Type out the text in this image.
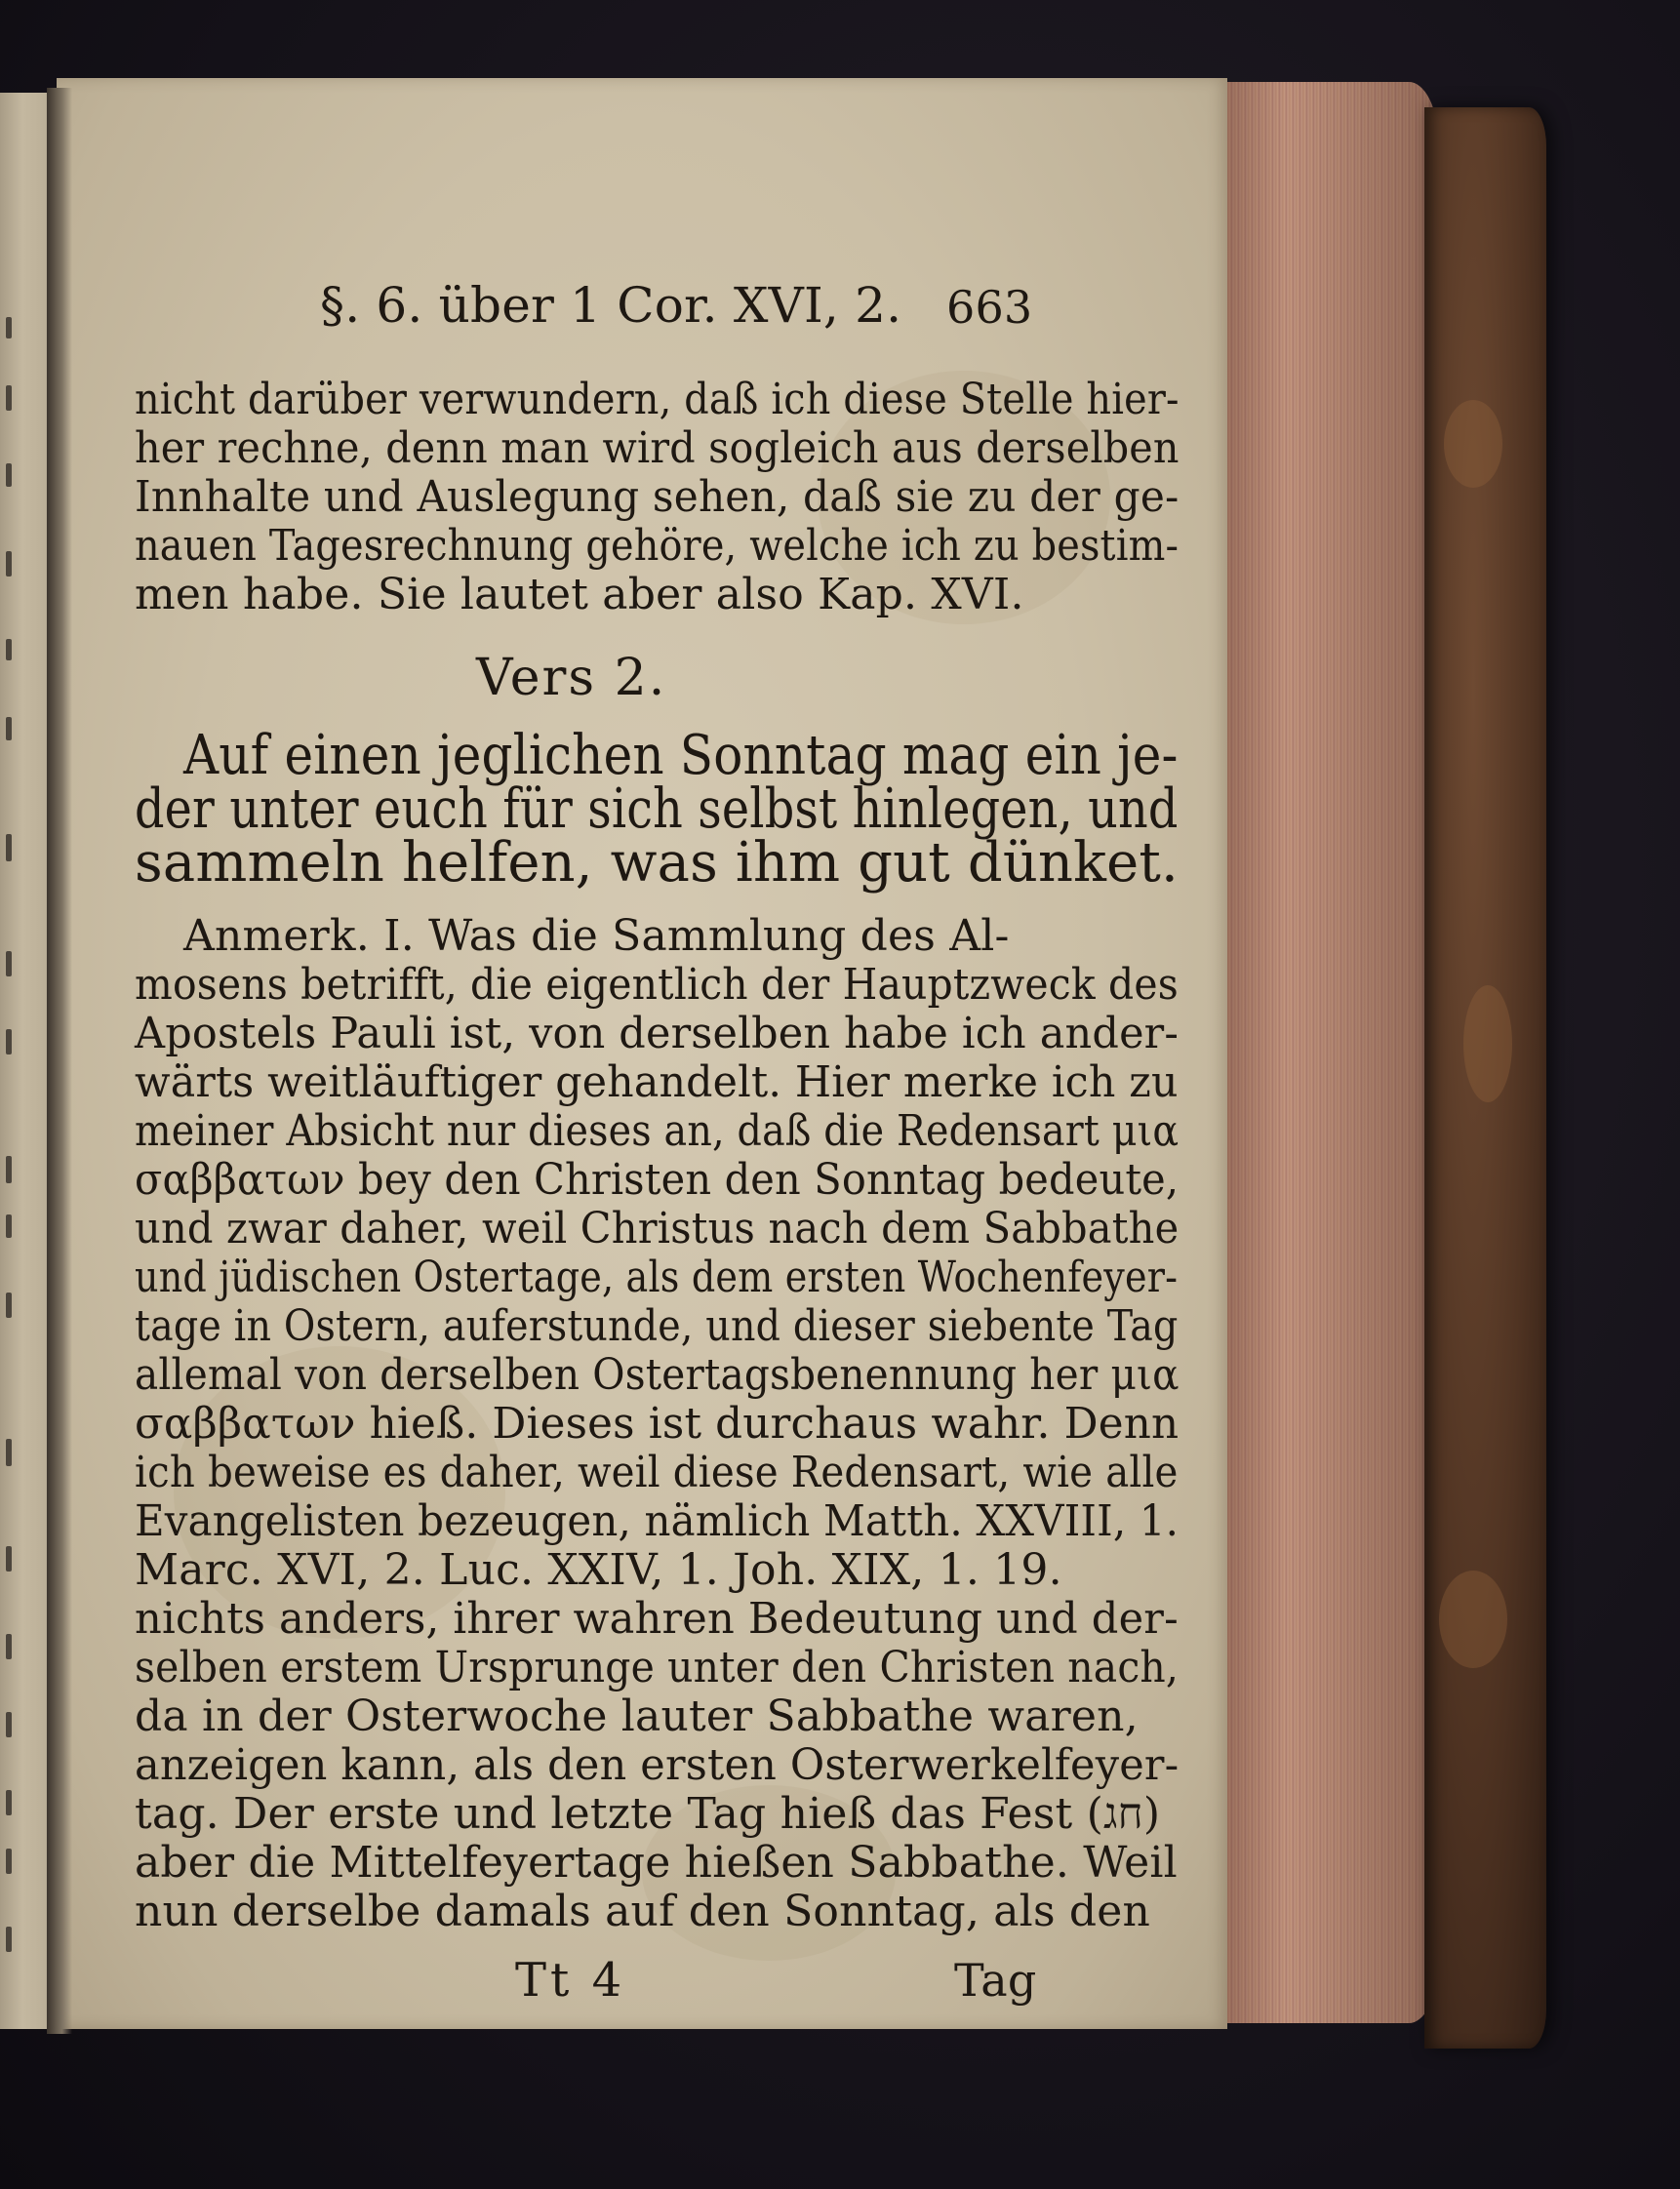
§. 6. über 1 Cor. XVI, 2. 663
nicht darüber verwundern, daß ich diese Stelle hier-
her rechne, denn man wird sogleich aus derselben
Innhalte und Auslegung sehen, daß sie zu der ge-
nauen Tagesrechnung gehöre, welche ich zu bestim-
men habe. Sie lautet aber also Kap. XVI.
Vers 2.
Auf einen jeglichen Sonntag mag ein je-
der unter euch für sich selbst hinlegen, und
sammeln helfen, was ihm gut dünket.
Anmerk. I. Was die Sammlung des Al-
mosens betrifft, die eigentlich der Hauptzweck des
Apostels Pauli ist, von derselben habe ich ander-
wärts weitläuftiger gehandelt. Hier merke ich zu
meiner Absicht nur dieses an, daß die Redensart μια
σαββατων bey den Christen den Sonntag bedeute,
und zwar daher, weil Christus nach dem Sabbathe
und jüdischen Ostertage, als dem ersten Wochenfeyer-
tage in Ostern, auferstunde, und dieser siebente Tag
allemal von derselben Ostertagsbenennung her μια
σαββατων hieß. Dieses ist durchaus wahr. Denn
ich beweise es daher, weil diese Redensart, wie alle
Evangelisten bezeugen, nämlich Matth. XXVIII, 1.
Marc. XVI, 2. Luc. XXIV, 1. Joh. XIX, 1. 19.
nichts anders, ihrer wahren Bedeutung und der-
selben erstem Ursprunge unter den Christen nach,
da in der Osterwoche lauter Sabbathe waren,
anzeigen kann, als den ersten Osterwerkelfeyer-
tag. Der erste und letzte Tag hieß das Fest (חג)
aber die Mittelfeyertage hießen Sabbathe. Weil
nun derselbe damals auf den Sonntag, als den
Tt 4	Tag
